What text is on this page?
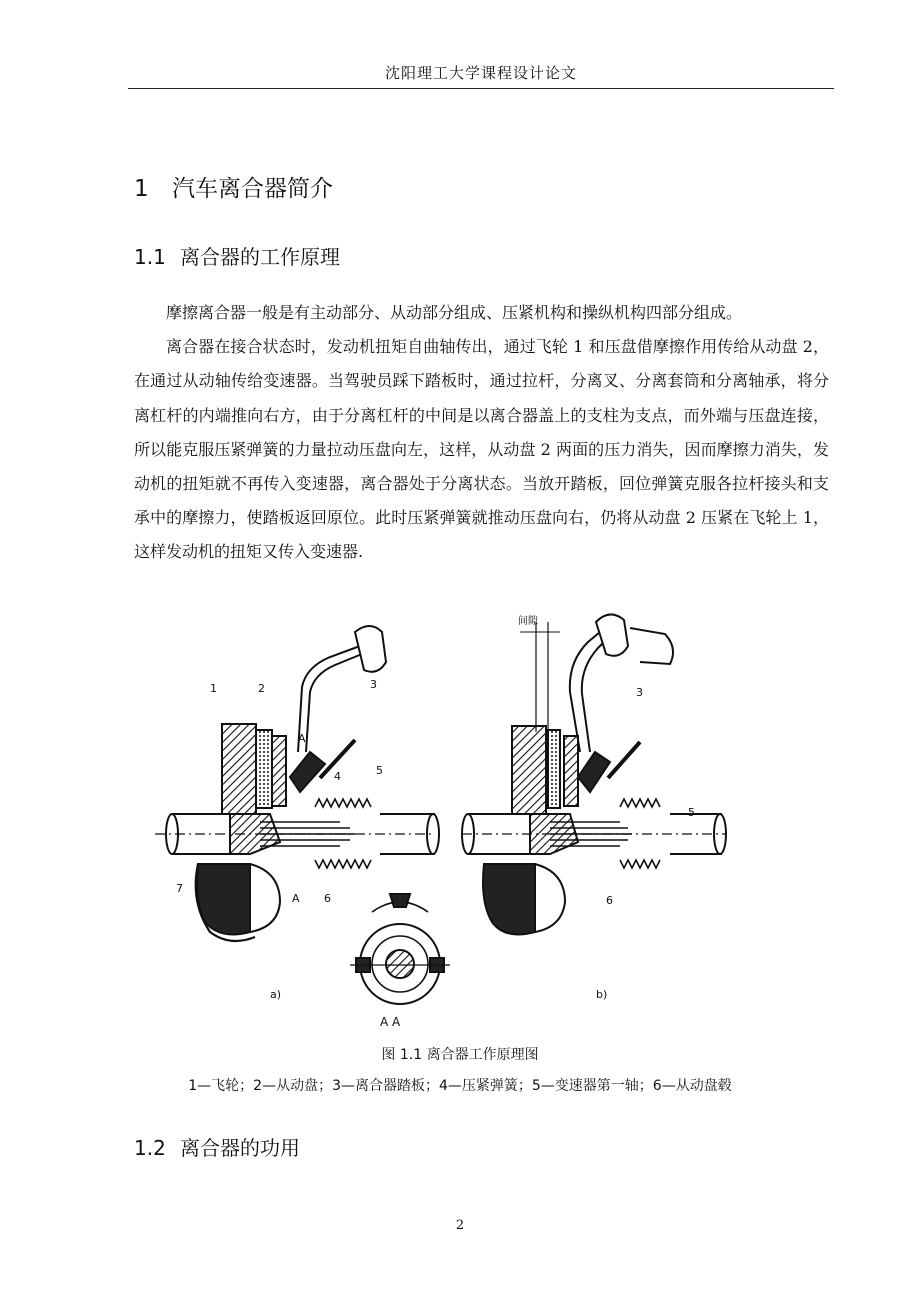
沈阳理工大学课程设计论文
1 汽车离合器简介
1.1 离合器的工作原理

摩擦离合器一般是有主动部分、从动部分组成、压紧机构和操纵机构四部分组成。

离合器在接合状态时，发动机扭矩自曲轴传出，通过飞轮 1 和压盘借摩擦作用传给从动盘 2，在通过从动轴传给变速器。当驾驶员踩下踏板时，通过拉杆，分离叉、分离套筒和分离轴承，将分离杠杆的内端推向右方，由于分离杠杆的中间是以离合器盖上的支柱为支点，而外端与压盘连接，所以能克服压紧弹簧的力量拉动压盘向左，这样，从动盘 2 两面的压力消失，因而摩擦力消失，发动机的扭矩就不再传入变速器，离合器处于分离状态。当放开踏板，回位弹簧克服各拉杆接头和支承中的摩擦力，使踏板返回原位。此时压紧弹簧就推动压盘向右，仍将从动盘 2 压紧在飞轮上 1，这样发动机的扭矩又传入变速器.

1	2	3
4	5
6
7
A
A
a)
A A
间隙
3
5
6
b)
图 1.1 离合器工作原理图
1—飞轮；2—从动盘；3—离合器踏板；4—压紧弹簧；5—变速器第一轴；6—从动盘毂
1.2 离合器的功用
2
